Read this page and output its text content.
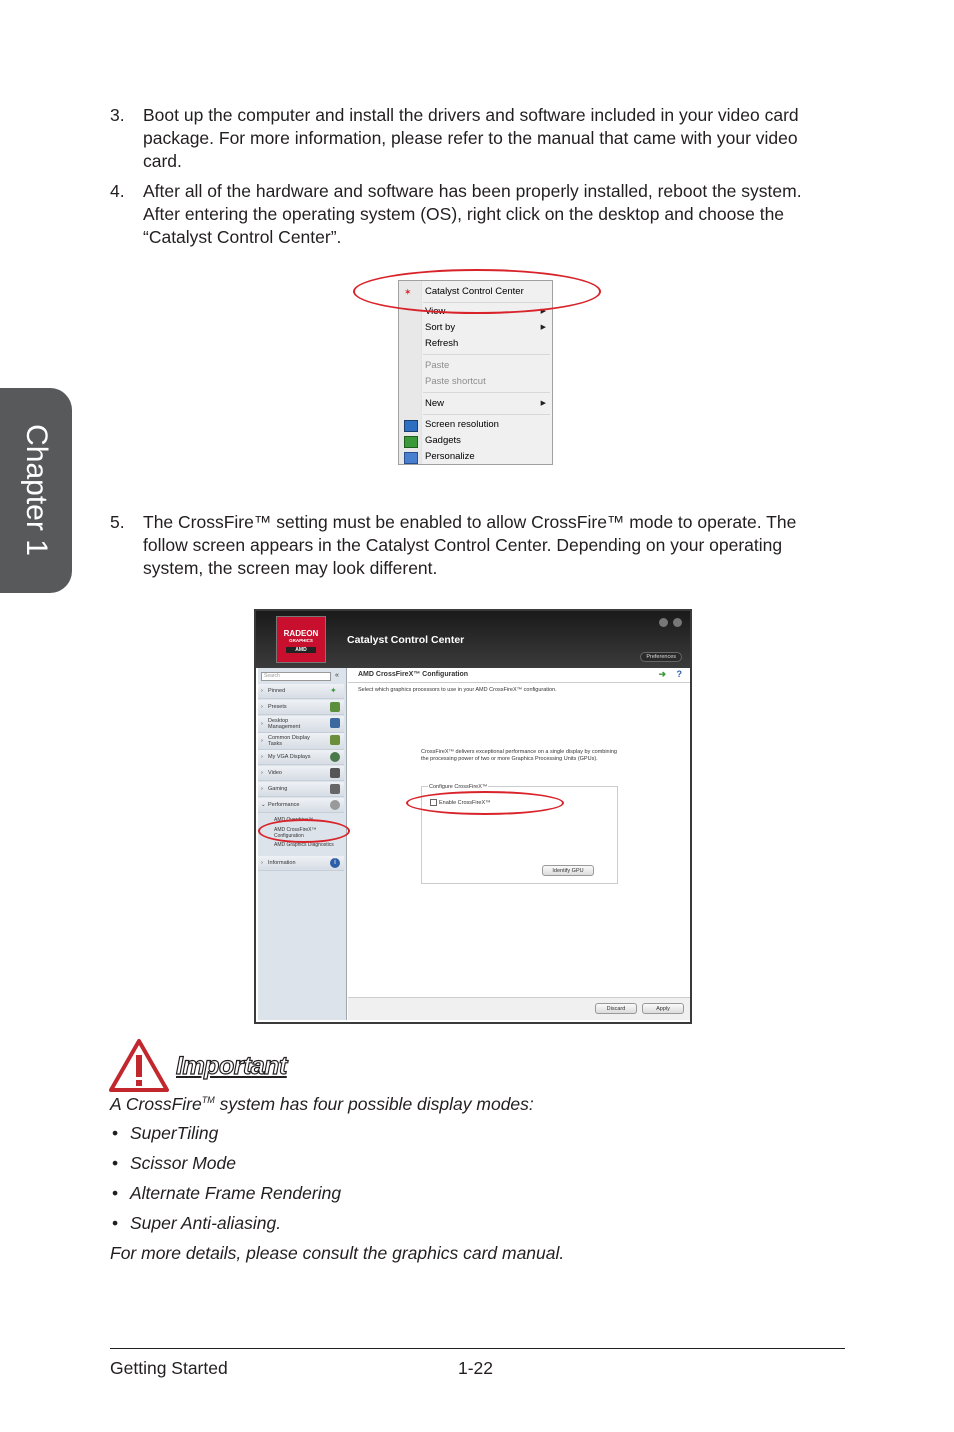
Chapter 1
3. Boot up the computer and install the drivers and software included in your video card package. For more information, please refer to the manual that came with your video card.
4. After all of the hardware and software has been properly installed, reboot the system. After entering the operating system (OS), right click on the desktop and choose the “Catalyst Control Center”.
✶	Catalyst Control Center
View	▶
Sort by	▶
Refresh
Paste
Paste shortcut
New	▶
Screen resolution
Gadgets
Personalize
5. The CrossFire™ setting must be enabled to allow CrossFire™ mode to operate. The follow screen appears in the Catalyst Control Center. Depending on your operating system, the screen may look different.
RADEON
GRAPHICS
AMD
Catalyst Control Center
Preferences
Search	«
› Pinned	✦
› Presets
› Desktop Management
› Common Display Tasks
› My VGA Displays
› Video
› Gaming
⌄ Performance
AMD Overdrive™
AMD CrossFireX™ Configuration
AMD Graphics Diagnostics
› Information	i
AMD CrossFireX™ Configuration	➜ ?
Select which graphics processors to use in your AMD CrossFireX™ configuration.
CrossFireX™ delivers exceptional performance on a single display by combining the processing power of two or more Graphics Processing Units (GPUs).
Configure CrossFireX™
Enable CrossFireX™
Identify GPU
Discard	Apply
Important
A CrossFire™ system has four possible display modes:
• SuperTiling
• Scissor Mode
• Alternate Frame Rendering
• Super Anti-aliasing.
For more details, please consult the graphics card manual.
Getting Started	1-22
